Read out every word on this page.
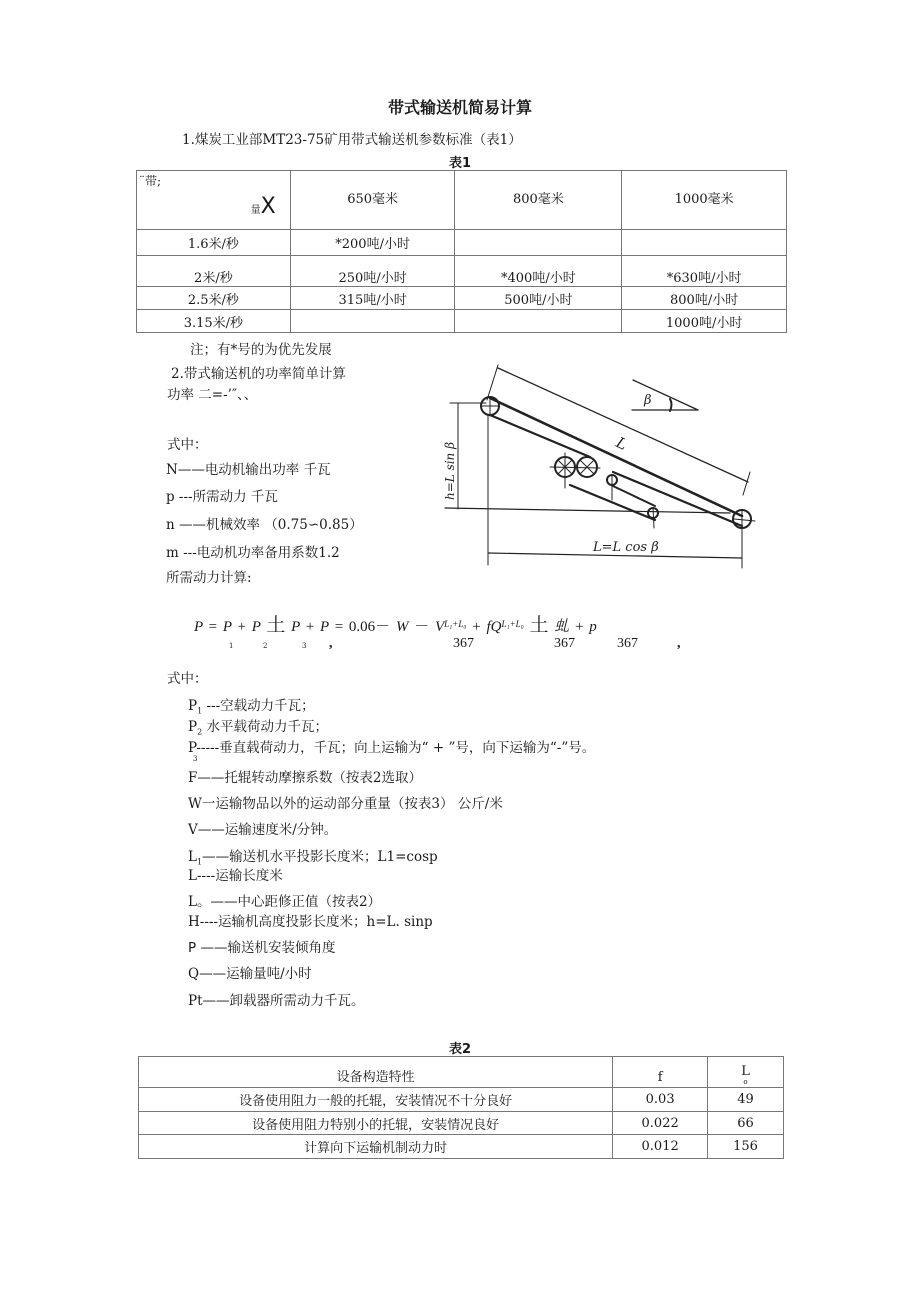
带式输送机简易计算
1.煤炭工业部MT23-75矿用带式输送机参数标准（表1）
表1
¨带;
量X	650毫米	800毫米	1000毫米
1.6米/秒	*200吨/小时		
2米/秒	250吨/小时	*400吨/小时	*630吨/小时
2.5米/秒	315吨/小时	500吨/小时	800吨/小时
3.15米/秒			1000吨/小时
注；有*号的为优先发展
2.带式输送机的功率简单计算
功率 二=-’″、、
式中：
N——电动机输出功率 千瓦
p ---所需动力 千瓦
n ——机械效率 （0.75∽0.85）
m ---电动机功率备用系数1.2
所需动力计算:
L
β
h=L sin β
L=L cos β
P = P + P 土 $P + P = 0.06- W - V^{L_1+L_0} + fQ^{L_1+L_0}$ 土 虬 + p
1	2	3 ,	367	367	367	,
式中：
$P_1$ ---空载动力千瓦；
$P_2$ 水平载荷动力千瓦；
P-----垂直载荷动力，千瓦；向上运输为“ + ”号，向下运输为“-”号。
3
F——托辊转动摩擦系数（按表2选取）
W一运输物品以外的运动部分重量（按表3） 公斤/米
V——运输速度米/分钟。
$L_1——$输送机水平投影长度米；L1=cosp
L----运输长度米
L。——中心距修正值（按表2）
H----运输机高度投影长度米；h=L. sinp
P ——输送机安装倾角度
Q——运输量吨/小时
Pt——卸载器所需动力千瓦。
表2
设备构造特性	f	L
o

设备使用阻力一般的托辊，安装情况不十分良好	0.03	49
设备使用阻力特别小的托辊，安装情况良好	0.022	66
计算向下运输机制动力时	0.012	156
